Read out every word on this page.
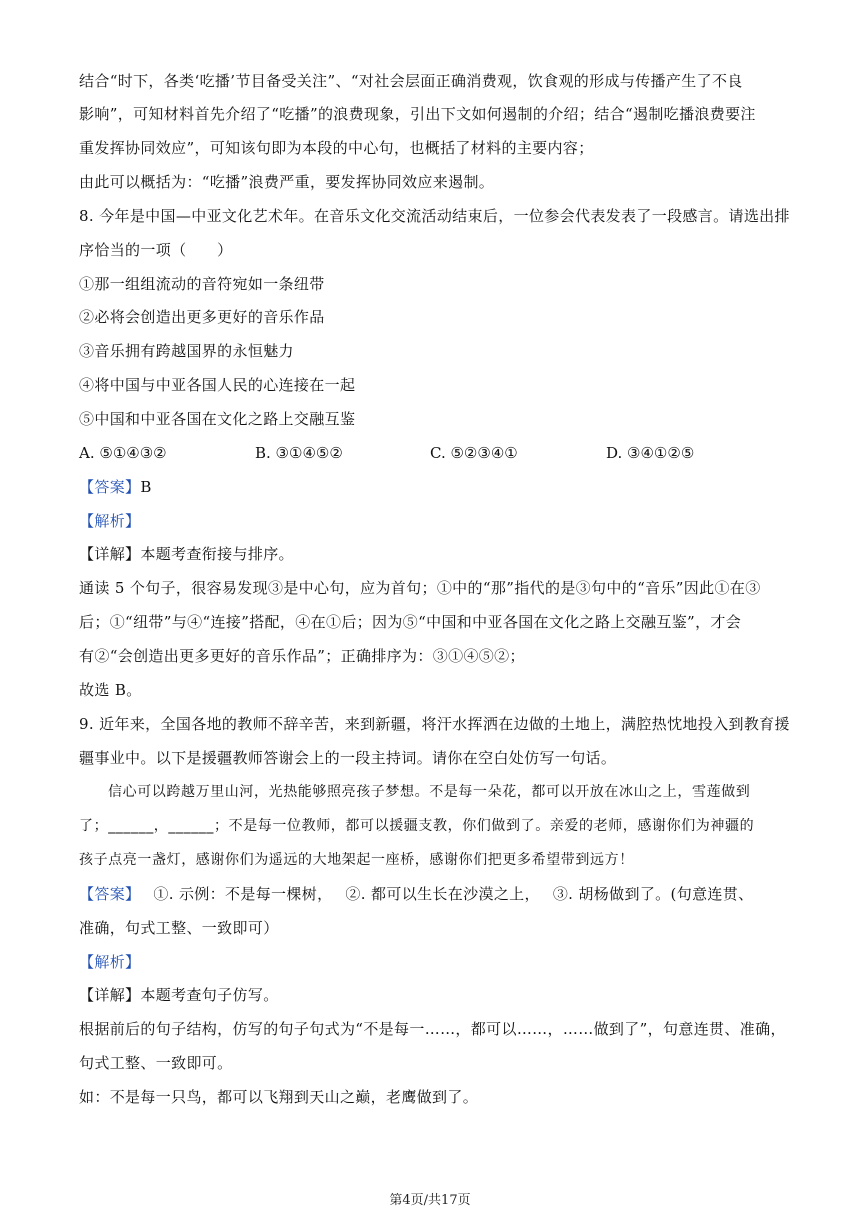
结合“时下，各类‘吃播’节目备受关注”、“对社会层面正确消费观，饮食观的形成与传播产生了不良
影响”，可知材料首先介绍了“吃播”的浪费现象，引出下文如何遏制的介绍；结合“遏制吃播浪费要注
重发挥协同效应”，可知该句即为本段的中心句，也概括了材料的主要内容；
由此可以概括为：“吃播”浪费严重，要发挥协同效应来遏制。
8. 今年是中国—中亚文化艺术年。在音乐文化交流活动结束后，一位参会代表发表了一段感言。请选出排
序恰当的一项（　　）
①那一组组流动的音符宛如一条纽带
②必将会创造出更多更好的音乐作品
③音乐拥有跨越国界的永恒魅力
④将中国与中亚各国人民的心连接在一起
⑤中国和中亚各国在文化之路上交融互鉴
A. ⑤①④③②	B. ③①④⑤②	C. ⑤②③④①	D. ③④①②⑤
【答案】B
【解析】
【详解】本题考查衔接与排序。
通读 5 个句子，很容易发现③是中心句，应为首句；①中的“那”指代的是③句中的“音乐”因此①在③
后；①“纽带”与④“连接”搭配，④在①后；因为⑤“中国和中亚各国在文化之路上交融互鉴”，才会
有②“会创造出更多更好的音乐作品”；正确排序为：③①④⑤②；
故选 B。
9. 近年来，全国各地的教师不辞辛苦，来到新疆，将汗水挥洒在边做的土地上，满腔热忱地投入到教育援
疆事业中。以下是援疆教师答谢会上的一段主持词。请你在空白处仿写一句话。
信心可以跨越万里山河，光热能够照亮孩子梦想。不是每一朵花，都可以开放在冰山之上，雪莲做到
了；______，______；不是每一位教师，都可以援疆支教，你们做到了。亲爱的老师，感谢你们为神疆的
孩子点亮一盏灯，感谢你们为遥远的大地架起一座桥，感谢你们把更多希望带到远方！
【答案】　 ①. 示例：不是每一棵树，　 ②. 都可以生长在沙漠之上，　 ③. 胡杨做到了。(句意连贯、
准确，句式工整、一致即可）
【解析】
【详解】本题考查句子仿写。
根据前后的句子结构，仿写的句子句式为“不是每一……，都可以……，……做到了”，句意连贯、准确，
句式工整、一致即可。
如：不是每一只鸟，都可以飞翔到天山之巅，老鹰做到了。
第4页/共17页
